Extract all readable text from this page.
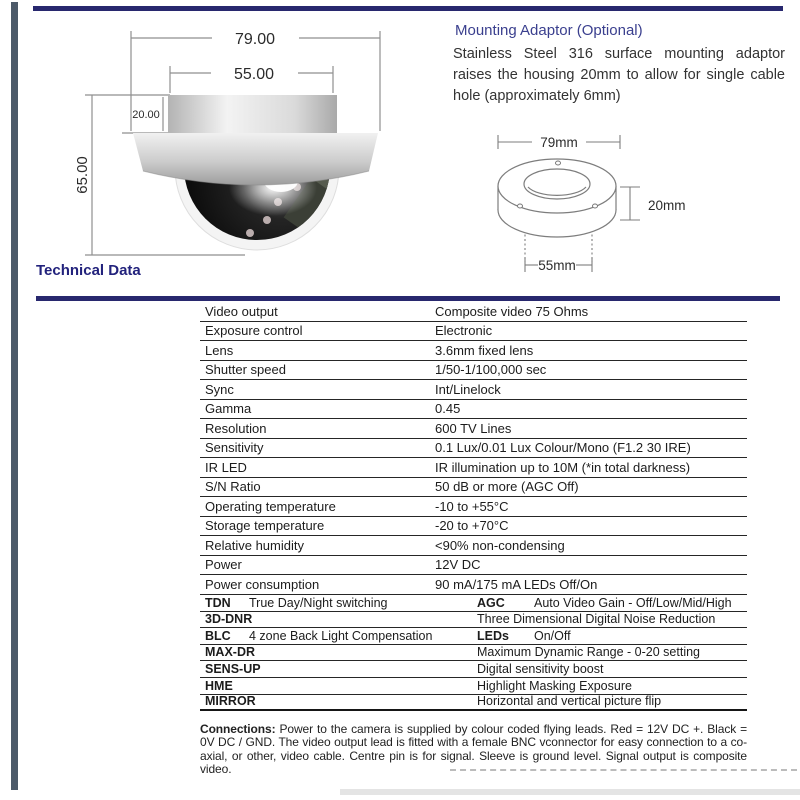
79.00
55.00
20.00
65.00
Mounting Adaptor (Optional)
Stainless Steel 316 surface mounting adaptor raises the housing 20mm to allow for single cable hole (approximately 6mm)
79mm
20mm
55mm
Technical Data
Video output	Composite video 75 Ohms
Exposure control	Electronic
Lens	3.6mm fixed lens
Shutter speed	1/50-1/100,000 sec
Sync	Int/Linelock
Gamma	0.45
Resolution	600 TV Lines
Sensitivity	0.1 Lux/0.01 Lux Colour/Mono (F1.2 30 IRE)
IR LED	IR illumination up to 10M (*in total darkness)
S/N Ratio	50 dB or more (AGC Off)
Operating temperature	-10 to +55°C
Storage temperature	-20 to +70°C
Relative humidity	<90% non-condensing
Power	12V DC
Power consumption	90 mA/175 mA LEDs Off/On
TDN True Day/Night switching	AGC Auto Video Gain - Off/Low/Mid/High
3D-DNR	Three Dimensional Digital Noise Reduction
BLC 4 zone Back Light Compensation	LEDs On/Off
MAX-DR	Maximum Dynamic Range - 0-20 setting
SENS-UP	Digital sensitivity boost
HME	Highlight Masking Exposure
MIRROR	Horizontal and vertical picture flip
Connections: Power to the camera is supplied by colour coded flying leads. Red = 12V DC +. Black = 0V DC / GND. The video output lead is fitted with a female BNC vconnector for easy connection to a co-axial, or other, video cable. Centre pin is for signal. Sleeve is ground level. Signal output is composite video.
